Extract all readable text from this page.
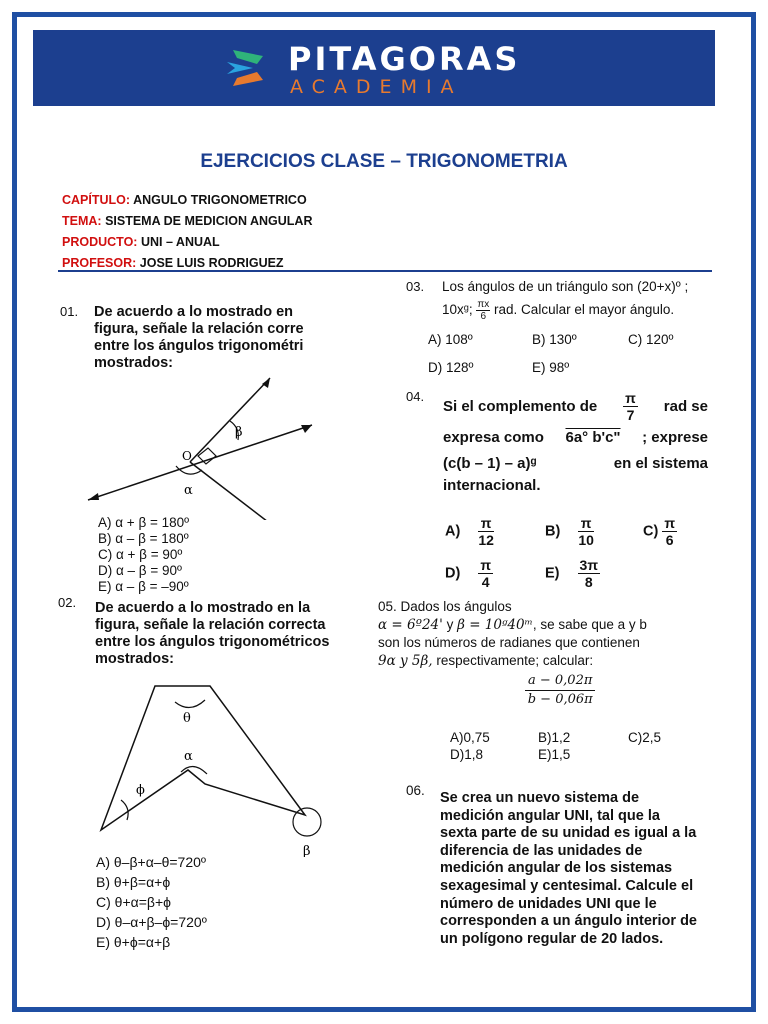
PITAGORAS
ACADEMIA
EJERCICIOS CLASE – TRIGONOMETRIA
CAPÍTULO: ANGULO TRIGONOMETRICO
TEMA: SISTEMA DE MEDICION ANGULAR
PRODUCTO: UNI – ANUAL
PROFESOR: JOSE LUIS RODRIGUEZ
01. De acuerdo a lo mostrado en figura, señale la relación corre entre los ángulos trigonométri mostrados:
O
β
α
A) α + β = 180º
B) α – β = 180º
C) α + β = 90º
D) α – β = 90º
E) α – β = –90º
02. De acuerdo a lo mostrado en la figura, señale la relación correcta entre los ángulos trigonométricos mostrados:
θ
α
ϕ
β
A) θ–β+α–θ=720º
B) θ+β=α+ϕ
C) θ+α=β+ϕ
D) θ–α+β–ϕ=720º
E) θ+ϕ=α+β
03. Los ángulos de un triángulo son (20+x)º ;
10xᵍ; $\frac{\pi x}{6}$ rad. Calcular el mayor ángulo.
A) 108º	B) 130º	C) 120º
D) 128º	E) 98º
04.
Si el complemento de π
7
rad se
expresa como 6a° b'c" ; exprese
(c(b – 1) – a)ᵍ	en el sistema
internacional.
$A) \frac{\pi}{12}$	$B) \frac{\pi}{10}$	$C) \frac{\pi}{6}$
$D) \frac{\pi}{4}$	$E) \frac{3\pi}{8}$
05. Dados los ángulos
α = 6º24' y β = 10ᵍ40ᵐ, se sabe que a y b
son los números de radianes que contienen
9α y 5β, respectivamente; calcular:
a − 0,02π
b − 0,06π
A)0,75	B)1,2	C)2,5
D)1,8	E)1,5
06. Se crea un nuevo sistema de
medición angular UNI, tal que la
sexta parte de su unidad es igual a la
diferencia de las unidades de
medición angular de los sistemas
sexagesimal y centesimal. Calcule el
número de unidades UNI que le
corresponden a un ángulo interior de
un polígono regular de 20 lados.
